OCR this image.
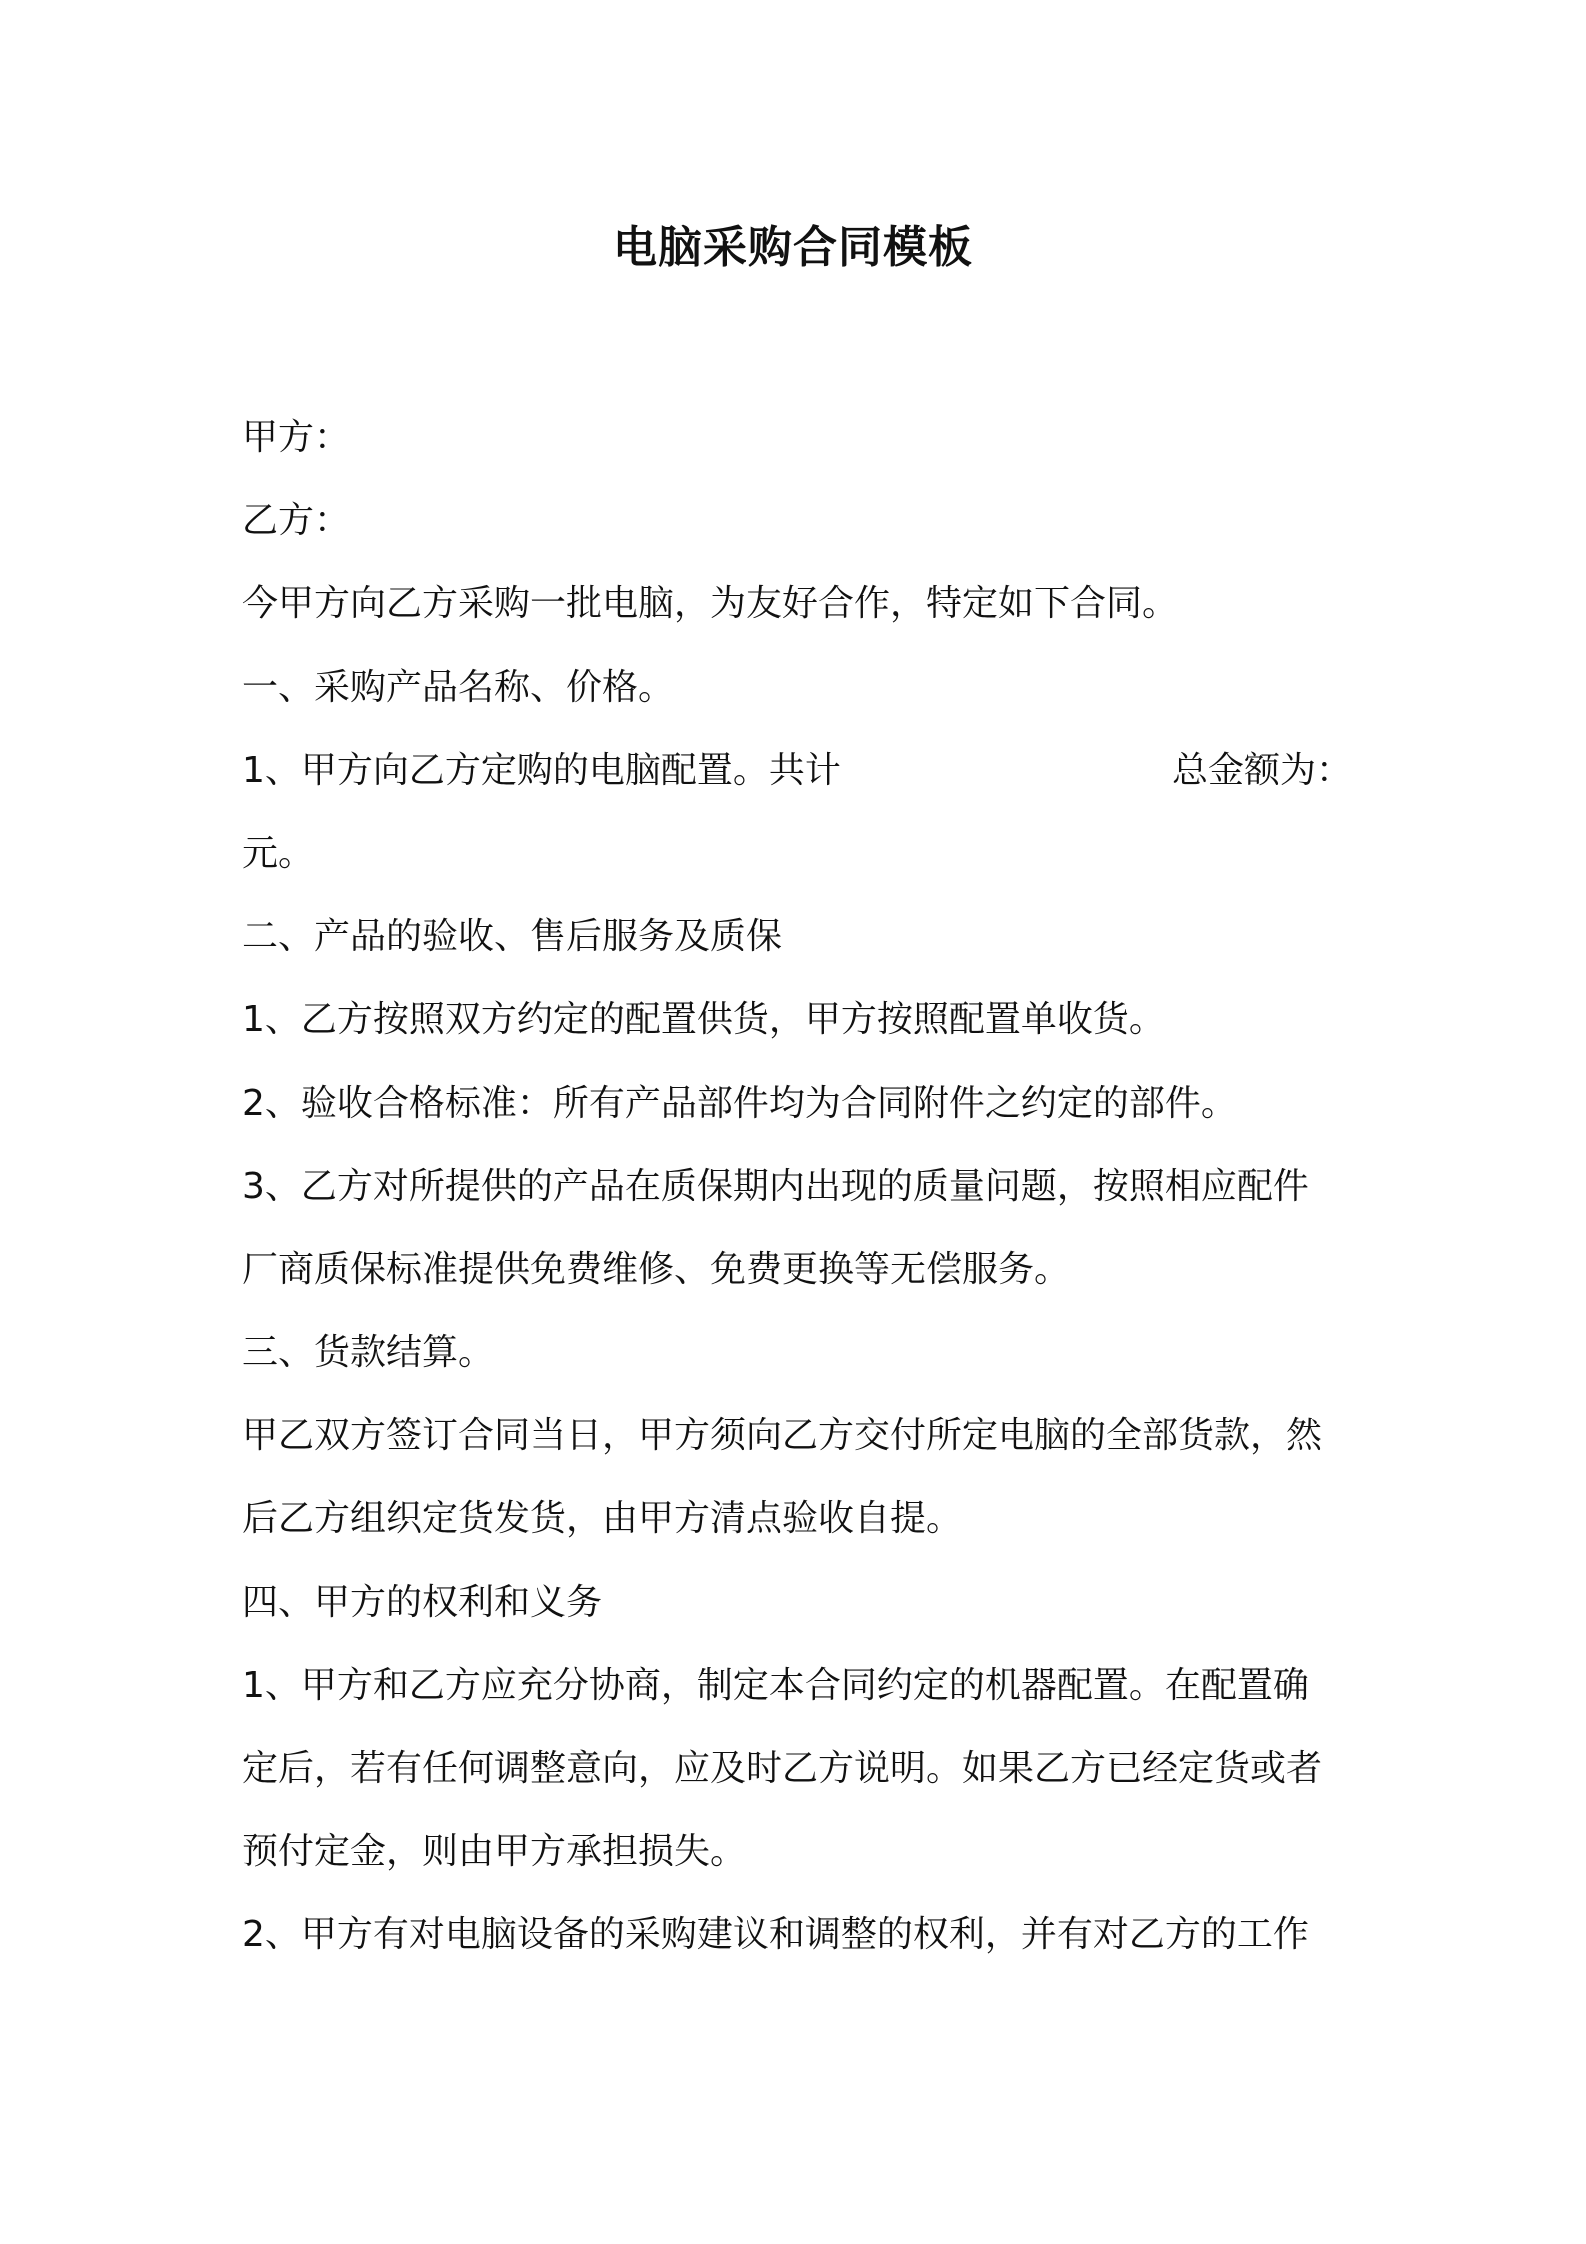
电脑采购合同模板

甲方：

乙方：

今甲方向乙方采购一批电脑，为友好合作，特定如下合同。

一、采购产品名称、价格。

1、甲方向乙方定购的电脑配置。共计	总金额为：

元。

二、产品的验收、售后服务及质保

1、乙方按照双方约定的配置供货，甲方按照配置单收货。

2、验收合格标准：所有产品部件均为合同附件之约定的部件。

3、乙方对所提供的产品在质保期内出现的质量问题，按照相应配件

厂商质保标准提供免费维修、免费更换等无偿服务。

三、货款结算。

甲乙双方签订合同当日，甲方须向乙方交付所定电脑的全部货款，然

后乙方组织定货发货，由甲方清点验收自提。

四、甲方的权利和义务

1、甲方和乙方应充分协商，制定本合同约定的机器配置。在配置确

定后，若有任何调整意向，应及时乙方说明。如果乙方已经定货或者

预付定金，则由甲方承担损失。

2、甲方有对电脑设备的采购建议和调整的权利，并有对乙方的工作
